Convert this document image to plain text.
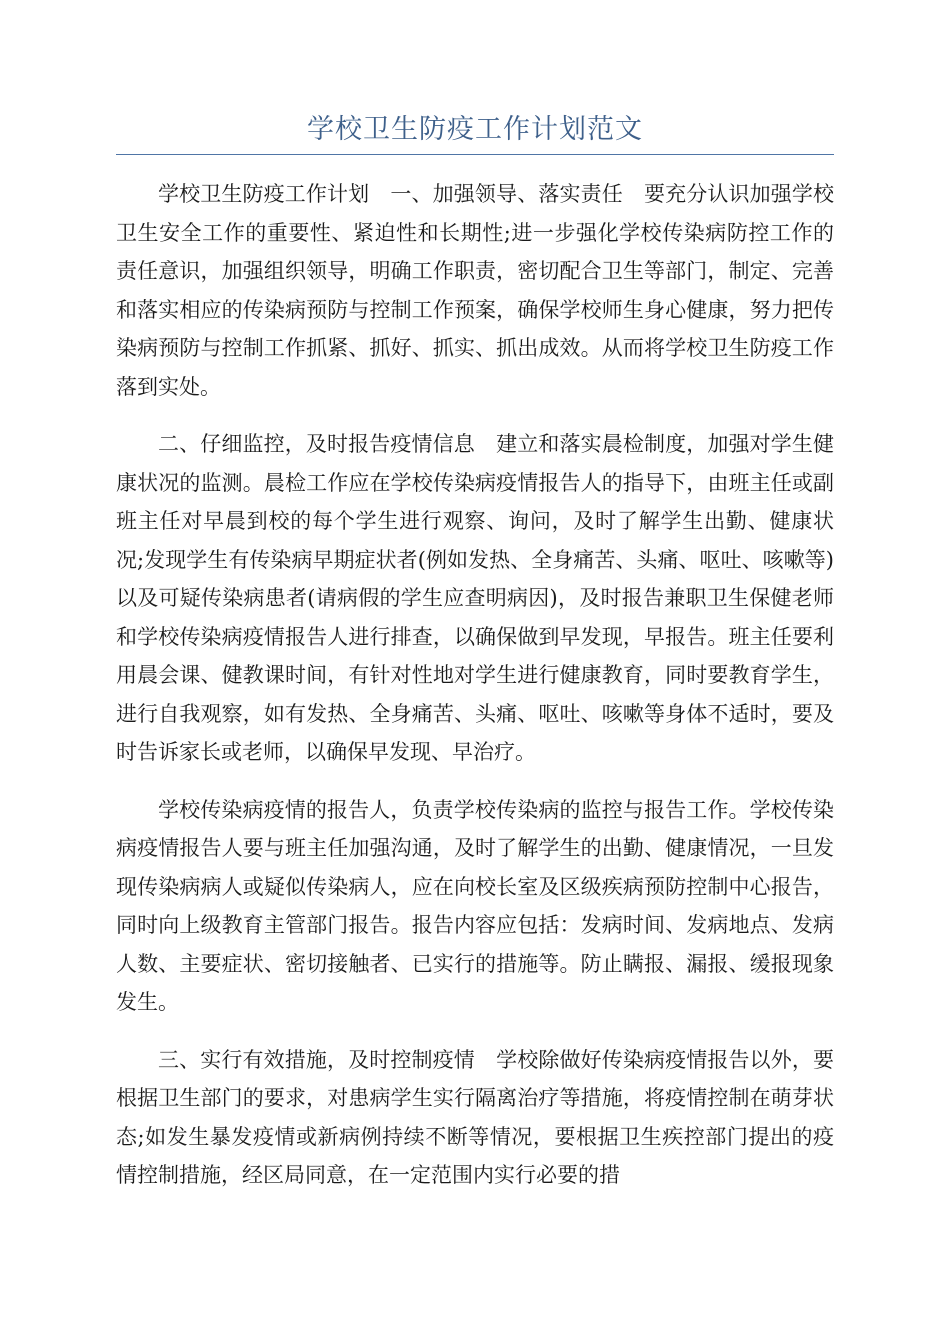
学校卫生防疫工作计划范文

学校卫生防疫工作计划　一、加强领导、落实责任　要充分认识加强学校卫生安全工作的重要性、紧迫性和长期性;进一步强化学校传染病防控工作的责任意识，加强组织领导，明确工作职责，密切配合卫生等部门，制定、完善和落实相应的传染病预防与控制工作预案，确保学校师生身心健康，努力把传染病预防与控制工作抓紧、抓好、抓实、抓出成效。从而将学校卫生防疫工作落到实处。

二、仔细监控，及时报告疫情信息　建立和落实晨检制度，加强对学生健康状况的监测。晨检工作应在学校传染病疫情报告人的指导下，由班主任或副班主任对早晨到校的每个学生进行观察、询问，及时了解学生出勤、健康状况;发现学生有传染病早期症状者(例如发热、全身痛苦、头痛、呕吐、咳嗽等)以及可疑传染病患者(请病假的学生应查明病因)，及时报告兼职卫生保健老师和学校传染病疫情报告人进行排查，以确保做到早发现，早报告。班主任要利用晨会课、健教课时间，有针对性地对学生进行健康教育，同时要教育学生，进行自我观察，如有发热、全身痛苦、头痛、呕吐、咳嗽等身体不适时，要及时告诉家长或老师，以确保早发现、早治疗。

学校传染病疫情的报告人，负责学校传染病的监控与报告工作。学校传染病疫情报告人要与班主任加强沟通，及时了解学生的出勤、健康情况，一旦发现传染病病人或疑似传染病人，应在向校长室及区级疾病预防控制中心报告，同时向上级教育主管部门报告。报告内容应包括：发病时间、发病地点、发病人数、主要症状、密切接触者、已实行的措施等。防止瞒报、漏报、缓报现象发生。

三、实行有效措施，及时控制疫情　学校除做好传染病疫情报告以外，要根据卫生部门的要求，对患病学生实行隔离治疗等措施，将疫情控制在萌芽状态;如发生暴发疫情或新病例持续不断等情况，要根据卫生疾控部门提出的疫情控制措施，经区局同意，在一定范围内实行必要的措
